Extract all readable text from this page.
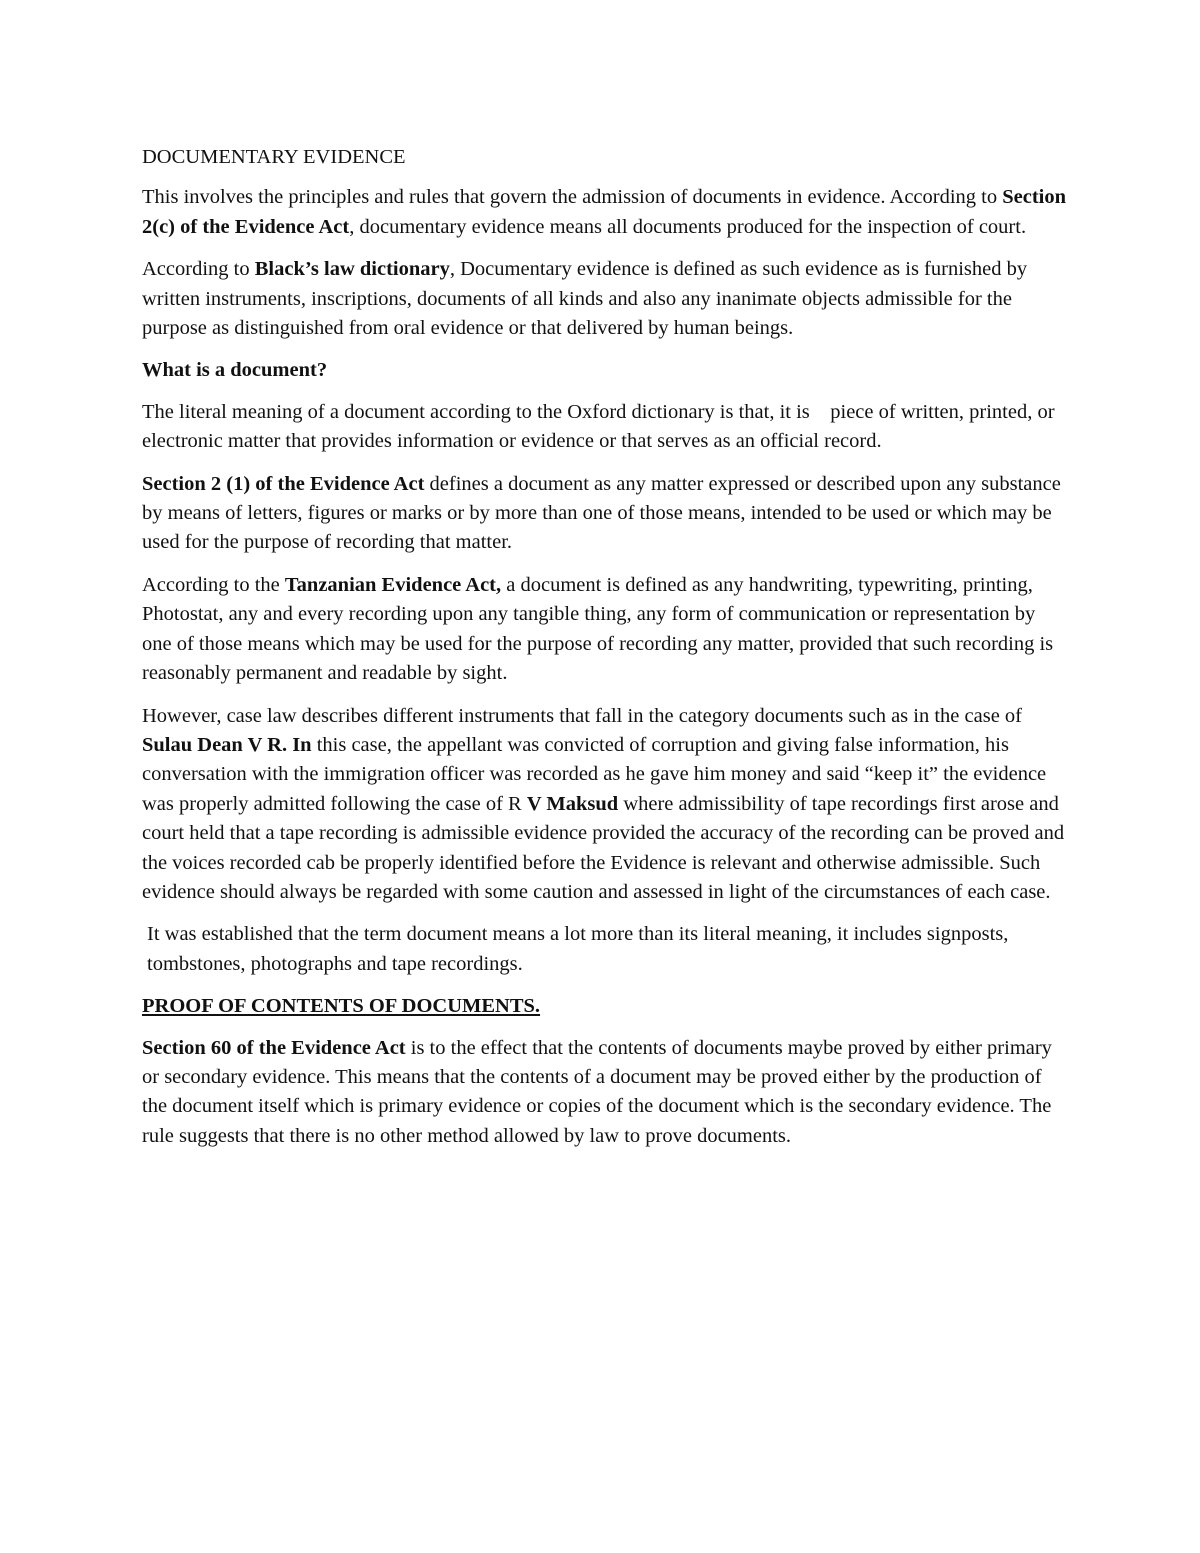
DOCUMENTARY EVIDENCE

This involves the principles and rules that govern the admission of documents in evidence. According to Section 2(c) of the Evidence Act, documentary evidence means all documents produced for the inspection of court.

According to Black’s law dictionary, Documentary evidence is defined as such evidence as is furnished by written instruments, inscriptions, documents of all kinds and also any inanimate objects admissible for the purpose as distinguished from oral evidence or that delivered by human beings.

What is a document?

The literal meaning of a document according to the Oxford dictionary is that, it is    piece of written, printed, or electronic matter that provides information or evidence or that serves as an official record.

Section 2 (1) of the Evidence Act defines a document as any matter expressed or described upon any substance by means of letters, figures or marks or by more than one of those means, intended to be used or which may be used for the purpose of recording that matter.

According to the Tanzanian Evidence Act, a document is defined as any handwriting, typewriting, printing, Photostat, any and every recording upon any tangible thing, any form of communication or representation by one of those means which may be used for the purpose of recording any matter, provided that such recording is reasonably permanent and readable by sight.

However, case law describes different instruments that fall in the category documents such as in the case of Sulau Dean V R. In this case, the appellant was convicted of corruption and giving false information, his conversation with the immigration officer was recorded as he gave him money and said “keep it” the evidence was properly admitted following the case of R V Maksud where admissibility of tape recordings first arose and court held that a tape recording is admissible evidence provided the accuracy of the recording can be proved and the voices recorded cab be properly identified before the Evidence is relevant and otherwise admissible. Such evidence should always be regarded with some caution and assessed in light of the circumstances of each case.

It was established that the term document means a lot more than its literal meaning, it includes signposts, tombstones, photographs and tape recordings.

PROOF OF CONTENTS OF DOCUMENTS.

Section 60 of the Evidence Act is to the effect that the contents of documents maybe proved by either primary or secondary evidence. This means that the contents of a document may be proved either by the production of the document itself which is primary evidence or copies of the document which is the secondary evidence. The rule suggests that there is no other method allowed by law to prove documents.
